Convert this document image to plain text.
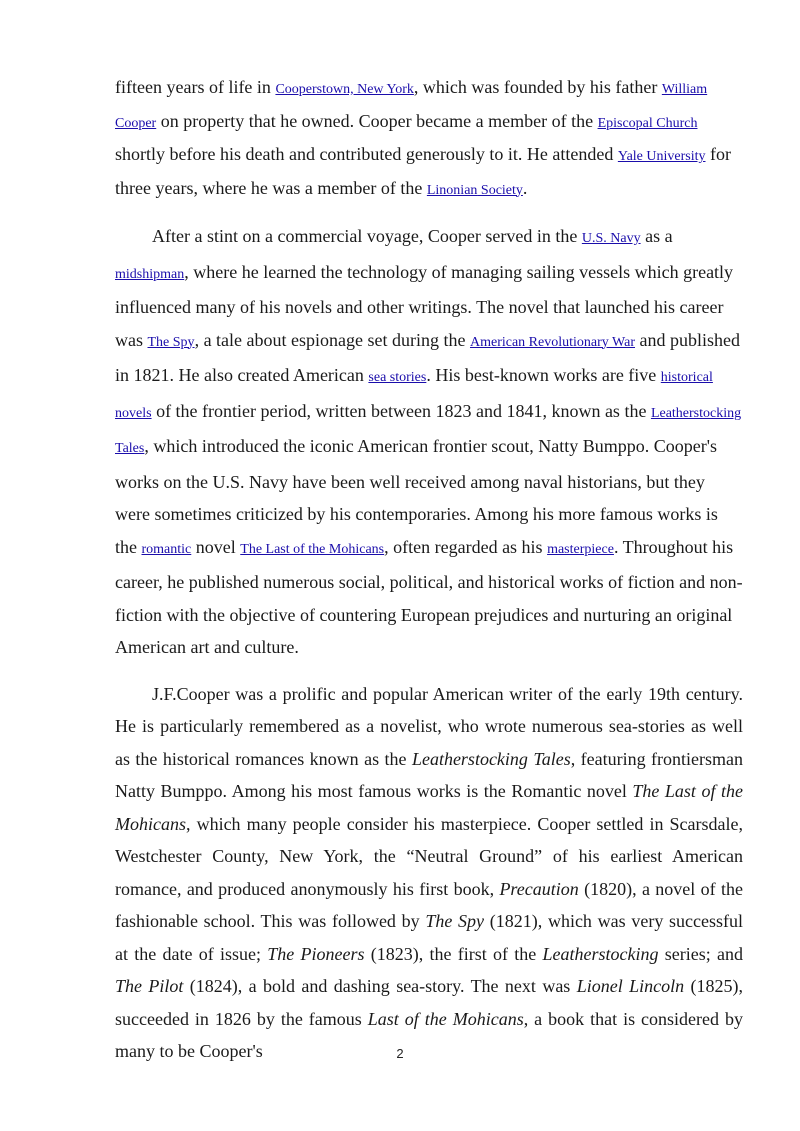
fifteen years of life in Cooperstown, New York, which was founded by his father William Cooper on property that he owned. Cooper became a member of the Episcopal Church shortly before his death and contributed generously to it. He attended Yale University for three years, where he was a member of the Linonian Society.

After a stint on a commercial voyage, Cooper served in the U.S. Navy as a midshipman, where he learned the technology of managing sailing vessels which greatly influenced many of his novels and other writings. The novel that launched his career was The Spy, a tale about espionage set during the American Revolutionary War and published in 1821. He also created American sea stories. His best-known works are five historical novels of the frontier period, written between 1823 and 1841, known as the Leatherstocking Tales, which introduced the iconic American frontier scout, Natty Bumppo. Cooper's works on the U.S. Navy have been well received among naval historians, but they were sometimes criticized by his contemporaries. Among his more famous works is the romantic novel The Last of the Mohicans, often regarded as his masterpiece. Throughout his career, he published numerous social, political, and historical works of fiction and non-fiction with the objective of countering European prejudices and nurturing an original American art and culture.

J.F.Cooper was a prolific and popular American writer of the early 19th century. He is particularly remembered as a novelist, who wrote numerous sea-stories as well as the historical romances known as the Leatherstocking Tales, featuring frontiersman Natty Bumppo. Among his most famous works is the Romantic novel The Last of the Mohicans, which many people consider his masterpiece. Cooper settled in Scarsdale, Westchester County, New York, the “Neutral Ground” of his earliest American romance, and produced anonymously his first book, Precaution (1820), a novel of the fashionable school. This was followed by The Spy (1821), which was very successful at the date of issue; The Pioneers (1823), the first of the Leatherstocking series; and The Pilot (1824), a bold and dashing sea-story. The next was Lionel Lincoln (1825), succeeded in 1826 by the famous Last of the Mohicans, a book that is considered by many to be Cooper's	2
